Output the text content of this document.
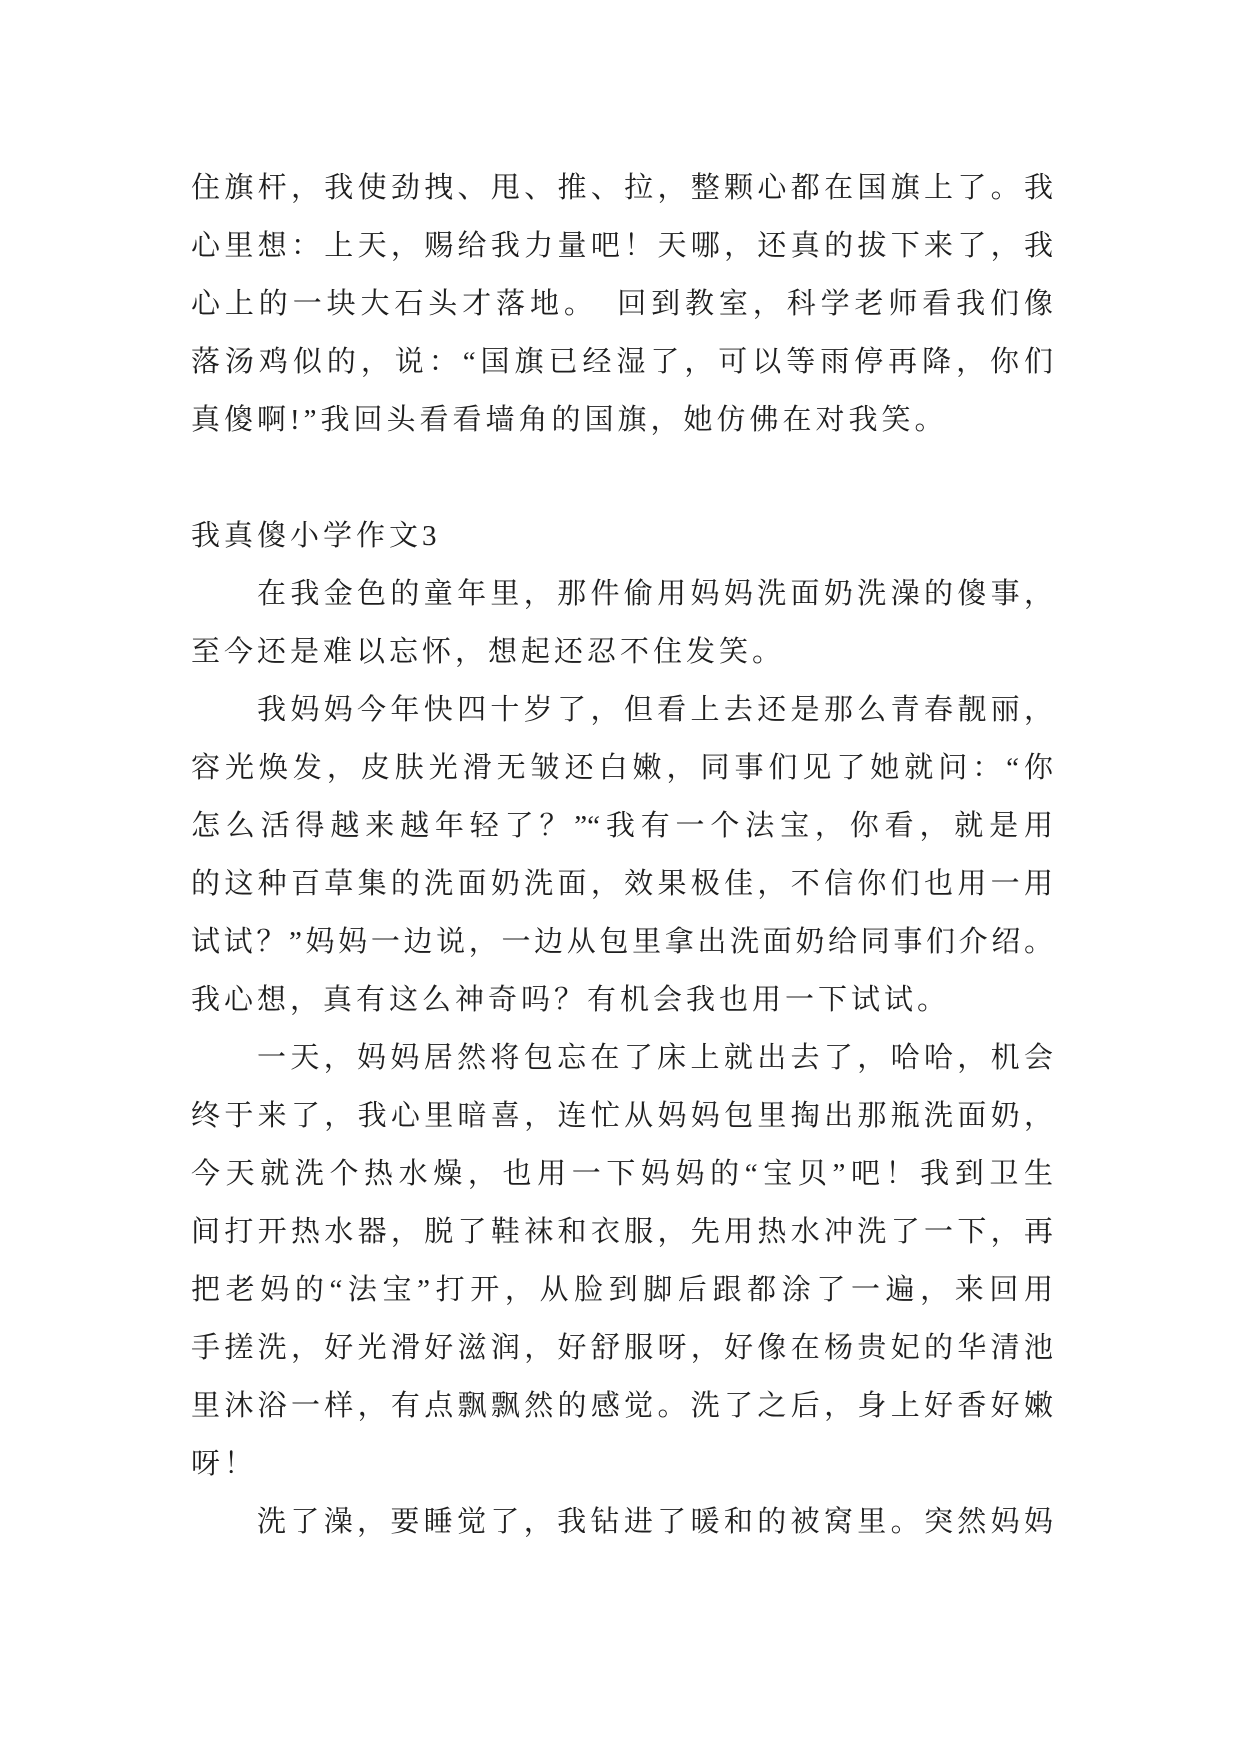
住旗杆，我使劲拽、甩、推、拉，整颗心都在国旗上了。我
心里想：上天，赐给我力量吧！天哪，还真的拔下来了，我
心上的一块大石头才落地。　回到教室，科学老师看我们像
落汤鸡似的，说：“国旗已经湿了，可以等雨停再降，你们
真傻啊!”我回头看看墙角的国旗，她仿佛在对我笑。
我真傻小学作文3
在我金色的童年里，那件偷用妈妈洗面奶洗澡的傻事，
至今还是难以忘怀，想起还忍不住发笑。
我妈妈今年快四十岁了，但看上去还是那么青春靓丽，
容光焕发，皮肤光滑无皱还白嫩，同事们见了她就问：“你
怎么活得越来越年轻了？”“我有一个法宝，你看，就是用
的这种百草集的洗面奶洗面，效果极佳，不信你们也用一用
试试？”妈妈一边说，一边从包里拿出洗面奶给同事们介绍。
我心想，真有这么神奇吗？有机会我也用一下试试。
一天，妈妈居然将包忘在了床上就出去了，哈哈，机会
终于来了，我心里暗喜，连忙从妈妈包里掏出那瓶洗面奶，
今天就洗个热水燥，也用一下妈妈的“宝贝”吧！我到卫生
间打开热水器，脱了鞋袜和衣服，先用热水冲洗了一下，再
把老妈的“法宝”打开，从脸到脚后跟都涂了一遍，来回用
手搓洗，好光滑好滋润，好舒服呀，好像在杨贵妃的华清池
里沐浴一样，有点飘飘然的感觉。洗了之后，身上好香好嫩
呀！
洗了澡，要睡觉了，我钻进了暖和的被窝里。突然妈妈
